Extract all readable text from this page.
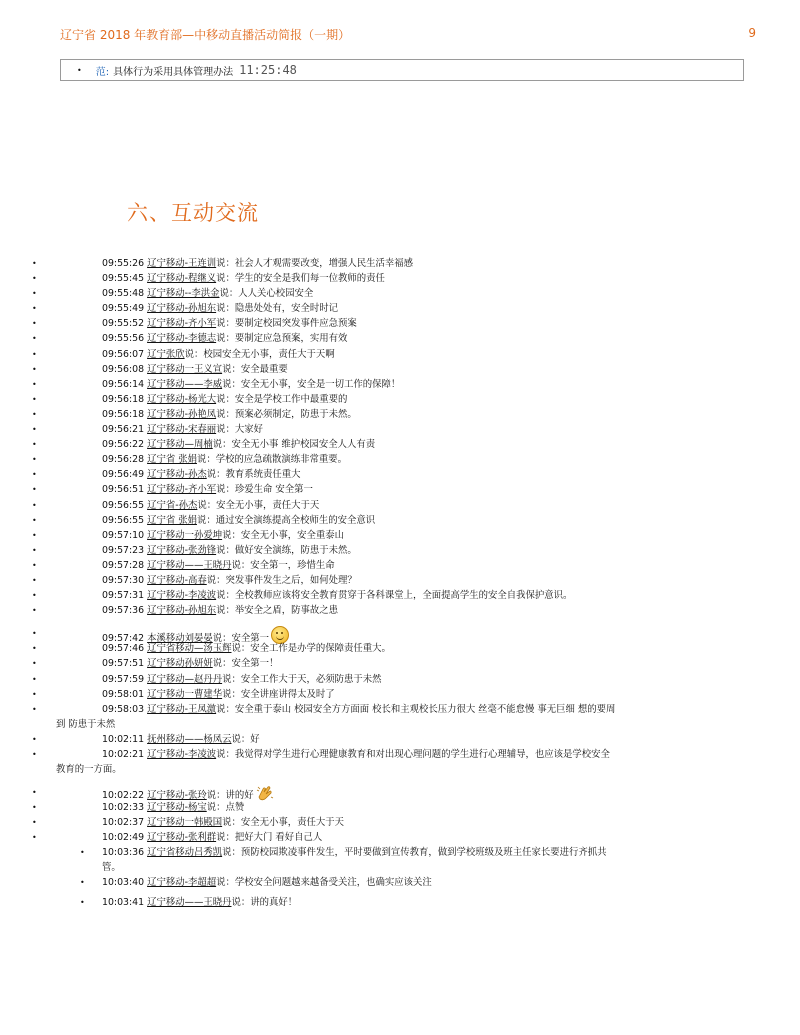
辽宁省 2018 年教育部—中移动直播活动简报（一期）	9
• 范: 具体行为采用具体管理办法 11:25:48
六、互动交流
•	09:55:26 辽宁移动-王连训说：社会人才观需要改变，增强人民生活幸福感
•	09:55:45 辽宁移动-程继义说：学生的安全是我们每一位教师的责任
•	09:55:48 辽宁移动--李洪金说：人人关心校园安全
•	09:55:49 辽宁移动-孙旭东说：隐患处处有，安全时时记
•	09:55:52 辽宁移动-齐小军说：要制定校园突发事件应急预案
•	09:55:56 辽宁移动-李德志说：要制定应急预案，实用有效
•	09:56:07 辽宁张欣说：校园安全无小事，责任大于天啊
•	09:56:08 辽宁移动一王义宣说：安全最重要
•	09:56:14 辽宁移动——李威说：安全无小事，安全是一切工作的保障！
•	09:56:18 辽宁移动-杨光大说：安全是学校工作中最重要的
•	09:56:18 辽宁移动-孙艳凤说：预案必须制定，防患于未然。
•	09:56:21 辽宁移动-宋春丽说：大家好
•	09:56:22 辽宁移动—周楠说：安全无小事 维护校园安全人人有责
•	09:56:28 辽宁省 张娟说：学校的应急疏散演练非常重要。
•	09:56:49 辽宁移动-孙杰说：教育系统责任重大
•	09:56:51 辽宁移动-齐小军说：珍爱生命 安全第一
•	09:56:55 辽宁省-孙杰说：安全无小事，责任大于天
•	09:56:55 辽宁省 张娟说：通过安全演练提高全校师生的安全意识
•	09:57:10 辽宁移动一孙爱坤说：安全无小事，安全重泰山
•	09:57:23 辽宁移动-张劲锋说：做好安全演练，防患于未然。
•	09:57:28 辽宁移动——王晓丹说：安全第一，珍惜生命
•	09:57:30 辽宁移动-高春说：突发事件发生之后，如何处理？
•	09:57:31 辽宁移动-李凌波说：全校教师应该将安全教育贯穿于各科课堂上，全面提高学生的安全自我保护意识。
•	09:57:36 辽宁移动-孙旭东说：举安全之盾，防事故之患
•	09:57:42 本溪移动刘晏晏说：安全第一
•	09:57:46 辽宁省移动—汤玉辉说：安全工作是办学的保障责任重大。
•	09:57:51 辽宁移动孙妍妍说：安全第一！
•	09:57:59 辽宁移动—赵丹丹说：安全工作大于天，必须防患于未然
•	09:58:01 辽宁移动一曹建华说：安全讲座讲得太及时了
•	09:58:03 辽宁移动-王凤激说：安全重于泰山 校园安全方方面面 校长和主观校长压力很大 丝毫不能怠慢 事无巨细 想的要周
到 防患于未然
•	10:02:11 抚州移动——杨凤云说：好
•	10:02:21 辽宁移动-李凌波说：我觉得对学生进行心理健康教育和对出现心理问题的学生进行心理辅导，也应该是学校安全
教育的一方面。
•	10:02:22 辽宁移动-张玲说：讲的好
•	10:02:33 辽宁移动-杨宝说：点赞
•	10:02:37 辽宁移动一韩殿国说：安全无小事，责任大于天
•	10:02:49 辽宁移动-张利群说：把好大门 看好自己人
• 10:03:36 辽宁省移动吕秀凯说：预防校园欺凌事件发生，平时要做到宣传教育，做到学校班级及班主任家长要进行齐抓共
管。
• 10:03:40 辽宁移动-李超超说：学校安全问题越来越备受关注，也确实应该关注
• 10:03:41 辽宁移动——王晓丹说：讲的真好！
